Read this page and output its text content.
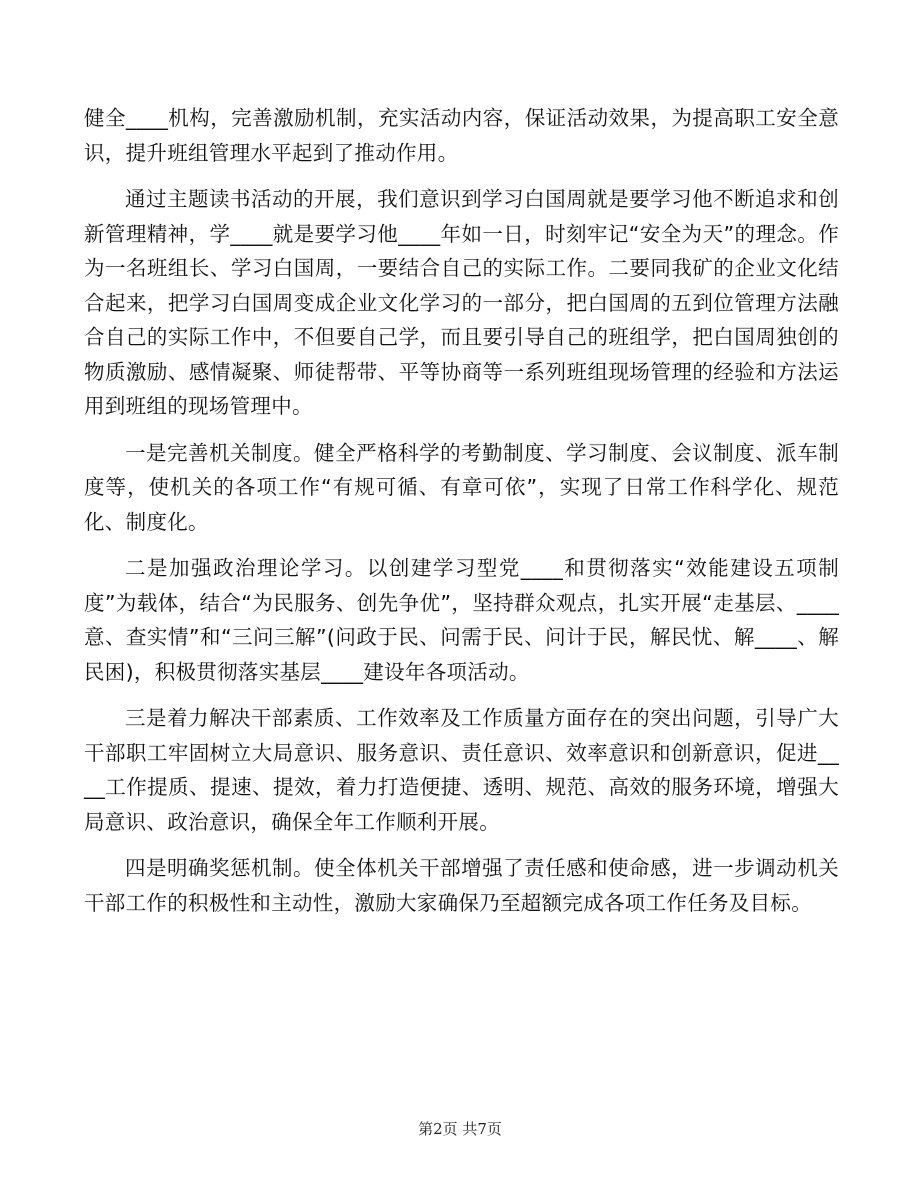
健全____机构，完善激励机制，充实活动内容，保证活动效果，为提高职工安全意识，提升班组管理水平起到了推动作用。

通过主题读书活动的开展，我们意识到学习白国周就是要学习他不断追求和创新管理精神，学____就是要学习他____年如一日，时刻牢记“安全为天”的理念。作为一名班组长、学习白国周，一要结合自己的实际工作。二要同我矿的企业文化结合起来，把学习白国周变成企业文化学习的一部分，把白国周的五到位管理方法融合自己的实际工作中，不但要自己学，而且要引导自己的班组学，把白国周独创的物质激励、感情凝聚、师徒帮带、平等协商等一系列班组现场管理的经验和方法运用到班组的现场管理中。

一是完善机关制度。健全严格科学的考勤制度、学习制度、会议制度、派车制度等，使机关的各项工作“有规可循、有章可依”，实现了日常工作科学化、规范化、制度化。

二是加强政治理论学习。以创建学习型党____和贯彻落实“效能建设五项制度”为载体，结合“为民服务、创先争优”，坚持群众观点，扎实开展“走基层、____意、查实情”和“三问三解”(问政于民、问需于民、问计于民，解民忧、解____、解民困)，积极贯彻落实基层____建设年各项活动。

三是着力解决干部素质、工作效率及工作质量方面存在的突出问题，引导广大干部职工牢固树立大局意识、服务意识、责任意识、效率意识和创新意识，促进____工作提质、提速、提效，着力打造便捷、透明、规范、高效的服务环境，增强大局意识、政治意识，确保全年工作顺利开展。

四是明确奖惩机制。使全体机关干部增强了责任感和使命感，进一步调动机关干部工作的积极性和主动性，激励大家确保乃至超额完成各项工作任务及目标。

第2页 共7页
